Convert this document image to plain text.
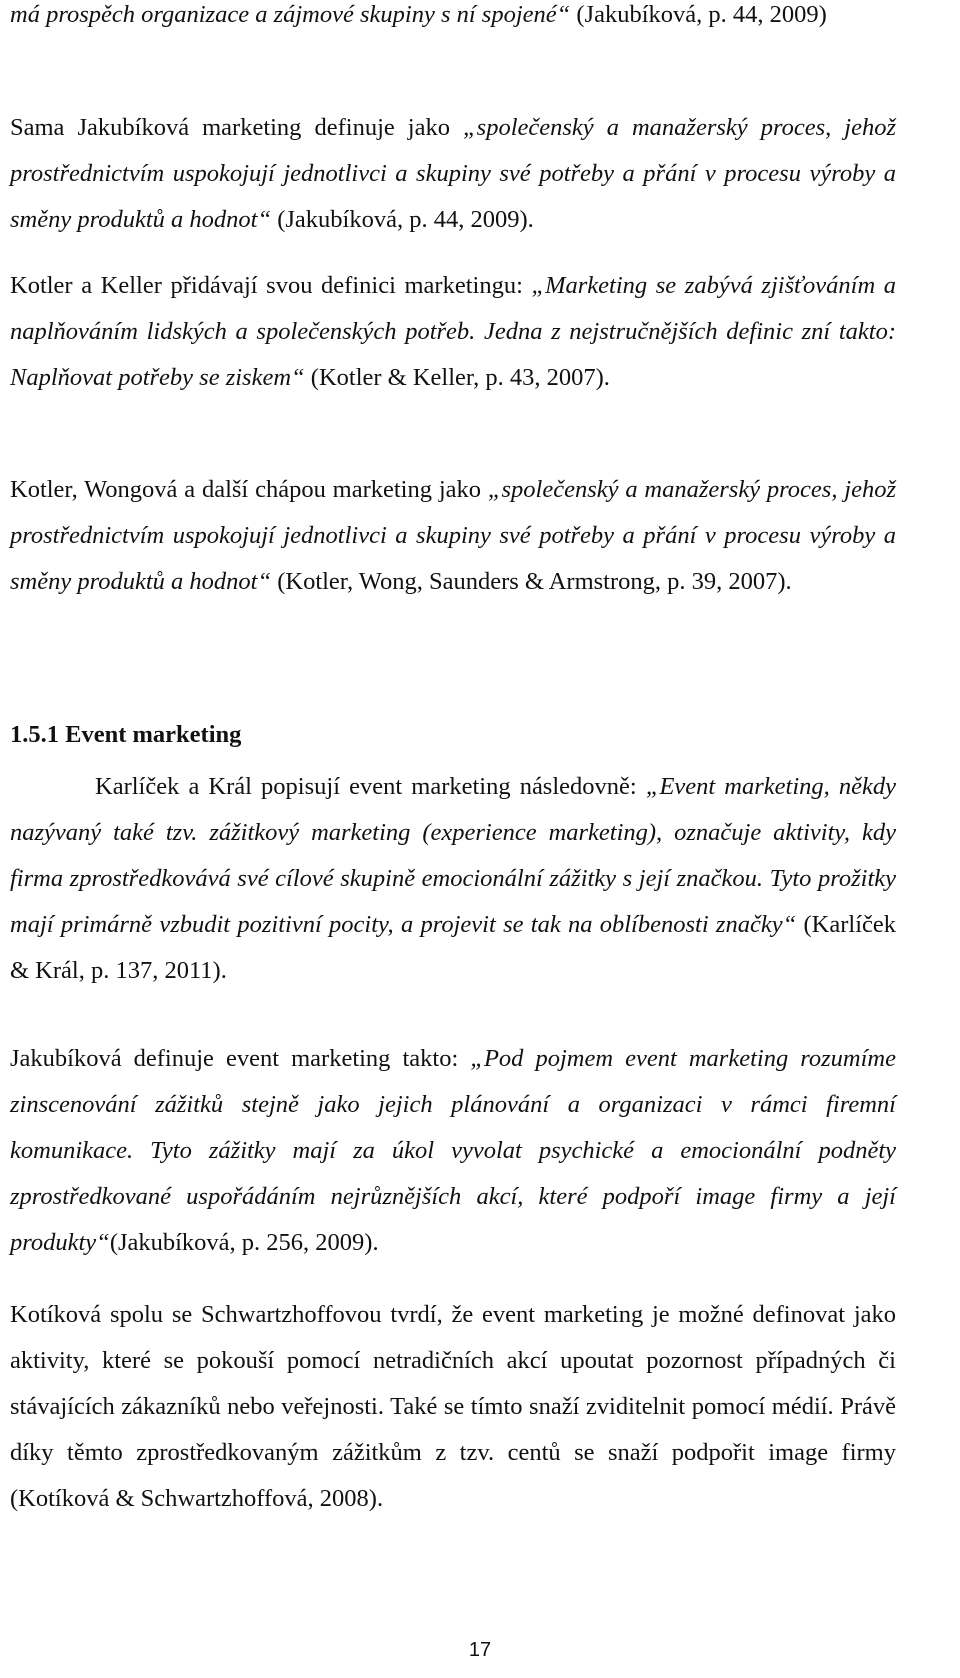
má prospěch organizace a zájmové skupiny s ní spojené“ (Jakubíková, p. 44, 2009)

Sama Jakubíková marketing definuje jako „společenský a manažerský proces, jehož prostřednictvím uspokojují jednotlivci a skupiny své potřeby a přání v procesu výroby a směny produktů a hodnot“ (Jakubíková, p. 44, 2009).

Kotler a Keller přidávají svou definici marketingu: „Marketing se zabývá zjišťováním a naplňováním lidských a společenských potřeb. Jedna z nejstručnějších definic zní takto: Naplňovat potřeby se ziskem“ (Kotler & Keller, p. 43, 2007).

Kotler, Wongová a další chápou marketing jako „společenský a manažerský proces, jehož prostřednictvím uspokojují jednotlivci a skupiny své potřeby a přání v procesu výroby a směny produktů a hodnot“ (Kotler, Wong, Saunders & Armstrong, p. 39, 2007).

1.5.1 Event marketing

Karlíček a Král popisují event marketing následovně: „Event marketing, někdy nazývaný také tzv. zážitkový marketing (experience marketing), označuje aktivity, kdy firma zprostředkovává své cílové skupině emocionální zážitky s její značkou. Tyto prožitky mají primárně vzbudit pozitivní pocity, a projevit se tak na oblíbenosti značky“ (Karlíček & Král, p. 137, 2011).

Jakubíková definuje event marketing takto: „Pod pojmem event marketing rozumíme zinscenování zážitků stejně jako jejich plánování a organizaci v rámci firemní komunikace. Tyto zážitky mají za úkol vyvolat psychické a emocionální podněty zprostředkované uspořádáním nejrůznějších akcí, které podpoří image firmy a její produkty“(Jakubíková, p. 256, 2009).

Kotíková spolu se Schwartzhoffovou tvrdí, že event marketing je možné definovat jako aktivity, které se pokouší pomocí netradičních akcí upoutat pozornost případných či stávajících zákazníků nebo veřejnosti. Také se tímto snaží zviditelnit pomocí médií. Právě díky těmto zprostředkovaným zážitkům z tzv. centů se snaží podpořit image firmy (Kotíková & Schwartzhoffová, 2008).

17
